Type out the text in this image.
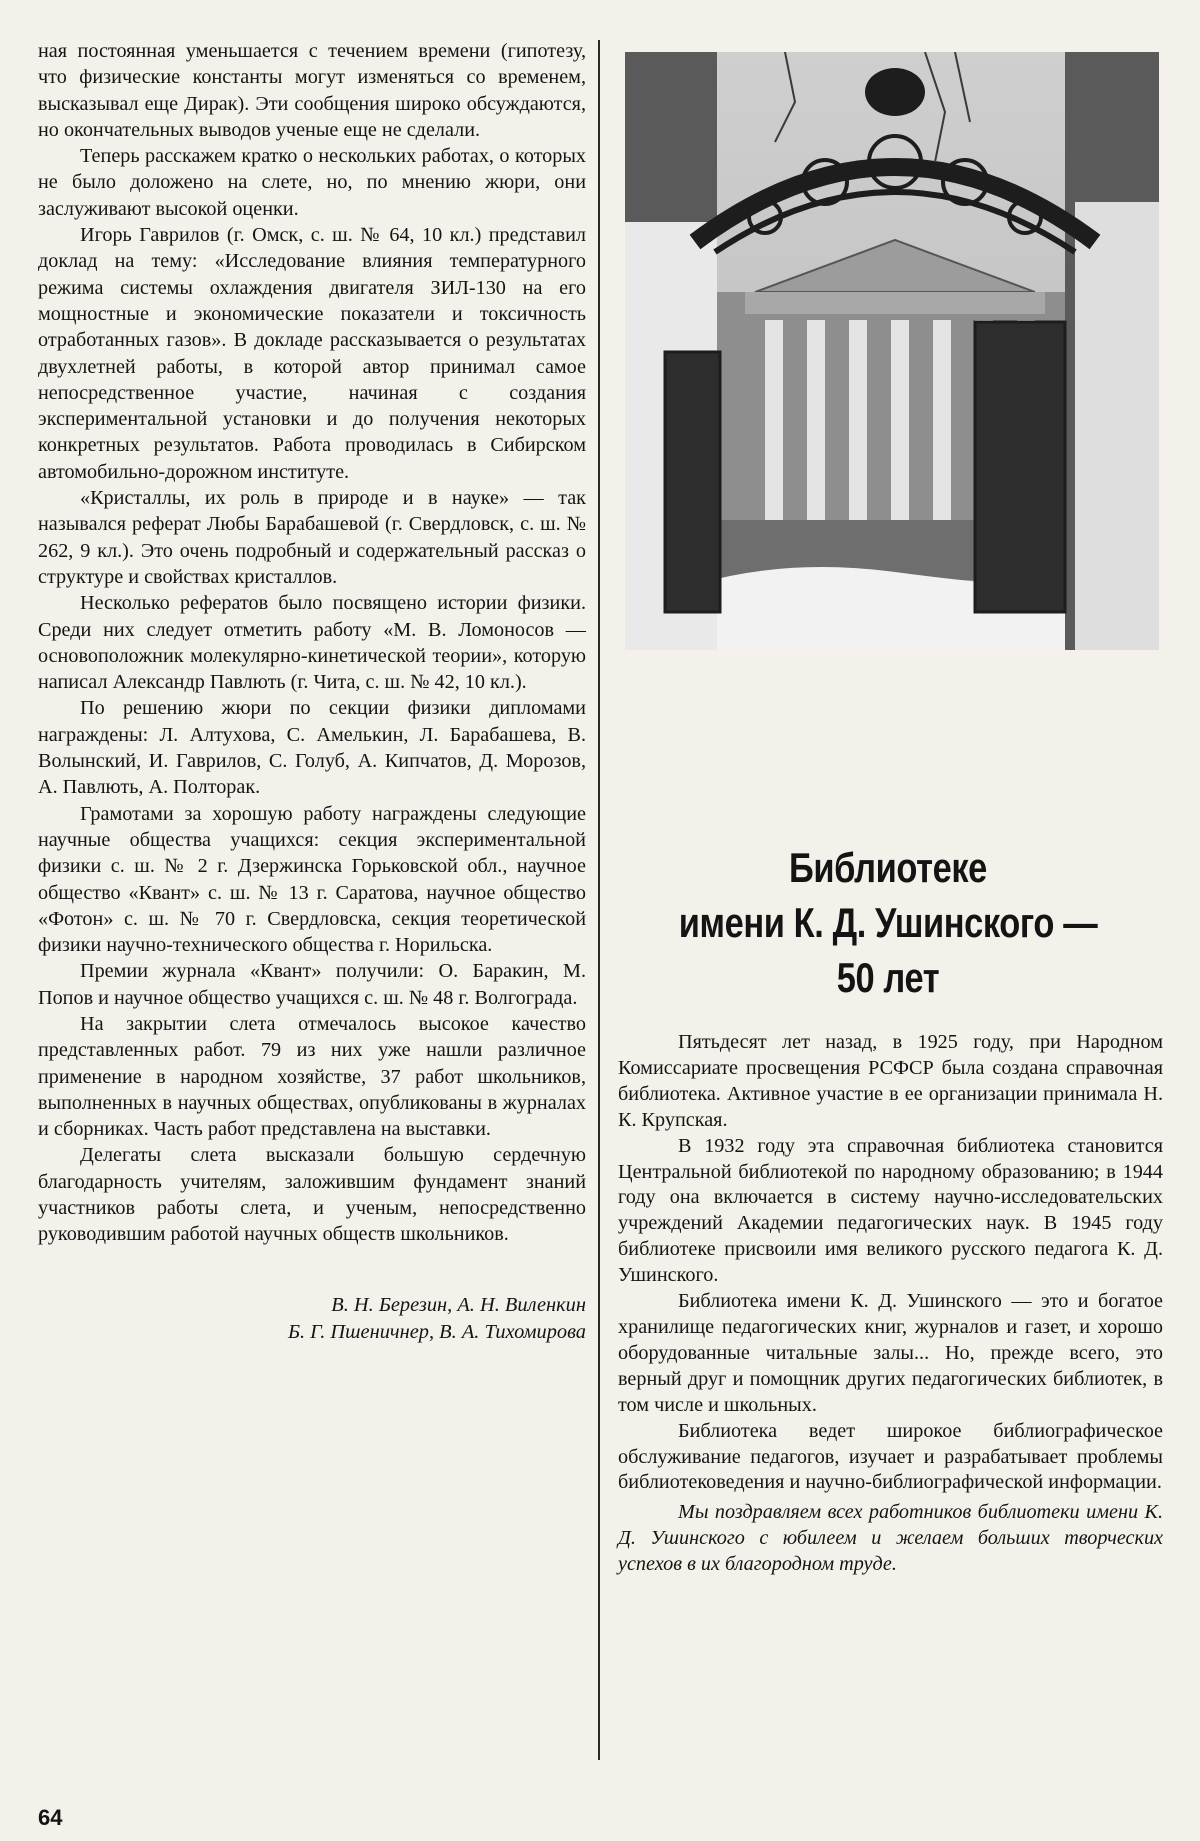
ная постоянная уменьшается с течением времени (гипотезу, что физические константы могут изменяться со временем, высказывал еще Дирак). Эти сообщения широко обсуждаются, но окончательных выводов ученые еще не сделали.

Теперь расскажем кратко о нескольких работах, о которых не было доложено на слете, но, по мнению жюри, они заслуживают высокой оценки.

Игорь Гаврилов (г. Омск, с. ш. № 64, 10 кл.) представил доклад на тему: «Исследование влияния температурного режима системы охлаждения двигателя ЗИЛ-130 на его мощностные и экономические показатели и токсичность отработанных газов». В докладе рассказывается о результатах двухлетней работы, в которой автор принимал самое непосредственное участие, начиная с создания экспериментальной установки и до получения некоторых конкретных результатов. Работа проводилась в Сибирском автомобильно-дорожном институте.

«Кристаллы, их роль в природе и в науке» — так назывался реферат Любы Барабашевой (г. Свердловск, с. ш. № 262, 9 кл.). Это очень подробный и содержательный рассказ о структуре и свойствах кристаллов.

Несколько рефератов было посвящено истории физики. Среди них следует отметить работу «М. В. Ломоносов — основоположник молекулярно-кинетической теории», которую написал Александр Павлють (г. Чита, с. ш. № 42, 10 кл.).

По решению жюри по секции физики дипломами награждены: Л. Алтухова, С. Амелькин, Л. Барабашева, В. Волынский, И. Гаврилов, С. Голуб, А. Кипчатов, Д. Морозов, А. Павлють, А. Полторак.

Грамотами за хорошую работу награждены следующие научные общества учащихся: секция экспериментальной физики с. ш. № 2 г. Дзержинска Горьковской обл., научное общество «Квант» с. ш. № 13 г. Саратова, научное общество «Фотон» с. ш. № 70 г. Свердловска, секция теоретической физики научно-технического общества г. Норильска.

Премии журнала «Квант» получили: О. Баракин, М. Попов и научное общество учащихся с. ш. № 48 г. Волгограда.

На закрытии слета отмечалось высокое качество представленных работ. 79 из них уже нашли различное применение в народном хозяйстве, 37 работ школьников, выполненных в научных обществах, опубликованы в журналах и сборниках. Часть работ представлена на выставки.

Делегаты слета высказали большую сердечную благодарность учителям, заложившим фундамент знаний участников работы слета, и ученым, непосредственно руководившим работой научных обществ школьников.

В. Н. Березин, А. Н. Виленкин
Б. Г. Пшеничнер, В. А. Тихомирова
Библиотеке
имени К. Д. Ушинского —
50 лет

Пятьдесят лет назад, в 1925 году, при Народном Комиссариате просвещения РСФСР была создана справочная библиотека. Активное участие в ее организации принимала Н. К. Крупская.

В 1932 году эта справочная библиотека становится Центральной библиотекой по народному образованию; в 1944 году она включается в систему научно-исследовательских учреждений Академии педагогических наук. В 1945 году библиотеке присвоили имя великого русского педагога К. Д. Ушинского.

Библиотека имени К. Д. Ушинского — это и богатое хранилище педагогических книг, журналов и газет, и хорошо оборудованные читальные залы... Но, прежде всего, это верный друг и помощник других педагогических библиотек, в том числе и школьных.

Библиотека ведет широкое библиографическое обслуживание педагогов, изучает и разрабатывает проблемы библиотековедения и научно-библиографической информации.

Мы поздравляем всех работников библиотеки имени К. Д. Ушинского с юбилеем и желаем больших творческих успехов в их благородном труде.

64
